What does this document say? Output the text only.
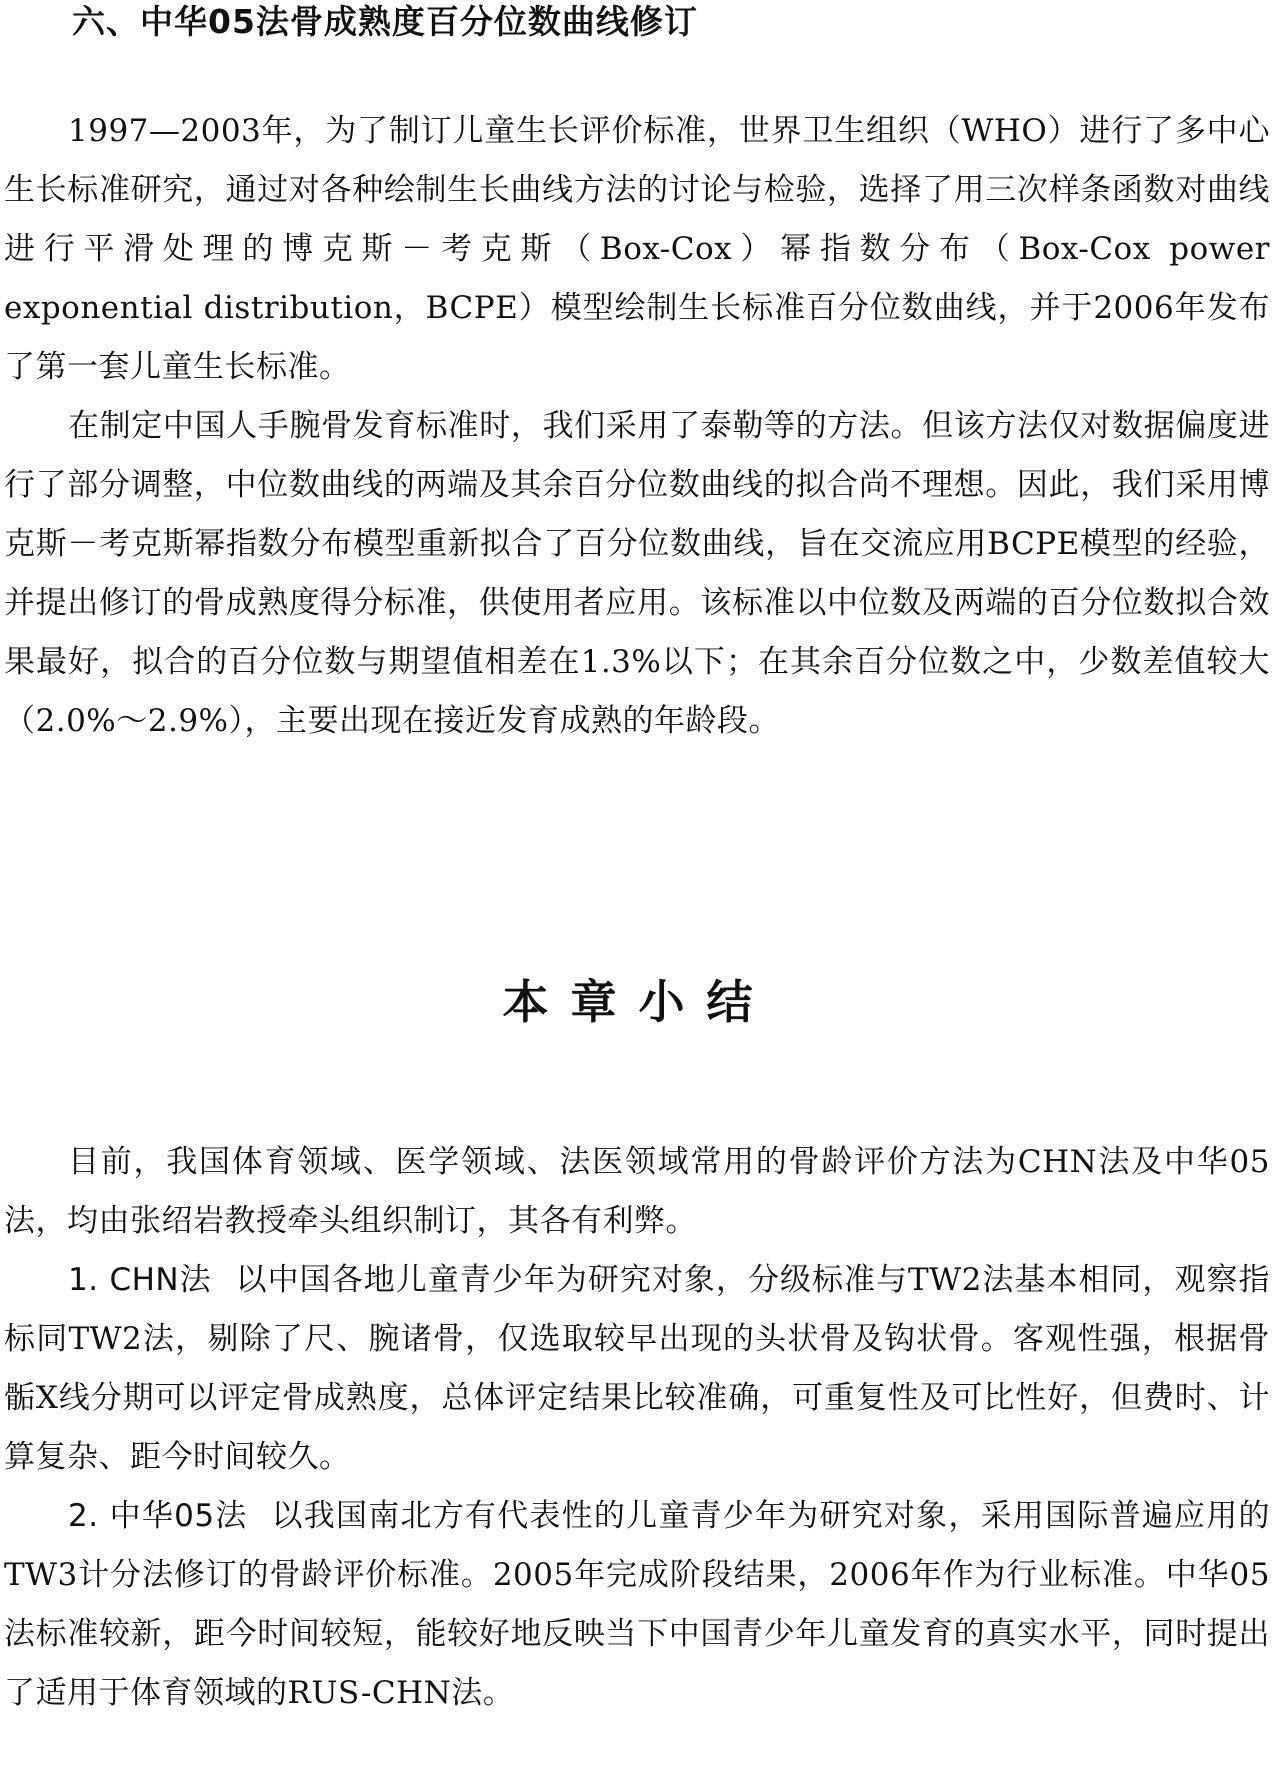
六、中华05法骨成熟度百分位数曲线修订

1997—2003年，为了制订儿童生长评价标准，世界卫生组织（WHO）进行了多中心生长标准研究，通过对各种绘制生长曲线方法的讨论与检验，选择了用三次样条函数对曲线进行平滑处理的博克斯－考克斯（Box-Cox）幂指数分布（Box-Cox power exponential distribution，BCPE）模型绘制生长标准百分位数曲线，并于2006年发布了第一套儿童生长标准。

在制定中国人手腕骨发育标准时，我们采用了泰勒等的方法。但该方法仅对数据偏度进行了部分调整，中位数曲线的两端及其余百分位数曲线的拟合尚不理想。因此，我们采用博克斯－考克斯幂指数分布模型重新拟合了百分位数曲线，旨在交流应用BCPE模型的经验，并提出修订的骨成熟度得分标准，供使用者应用。该标准以中位数及两端的百分位数拟合效果最好，拟合的百分位数与期望值相差在1.3%以下；在其余百分位数之中，少数差值较大（2.0%～2.9%），主要出现在接近发育成熟的年龄段。

本章小结

目前，我国体育领域、医学领域、法医领域常用的骨龄评价方法为CHN法及中华05法，均由张绍岩教授牵头组织制订，其各有利弊。

1. CHN法 以中国各地儿童青少年为研究对象，分级标准与TW2法基本相同，观察指标同TW2法，剔除了尺、腕诸骨，仅选取较早出现的头状骨及钩状骨。客观性强，根据骨骺X线分期可以评定骨成熟度，总体评定结果比较准确，可重复性及可比性好，但费时、计算复杂、距今时间较久。

2. 中华05法 以我国南北方有代表性的儿童青少年为研究对象，采用国际普遍应用的TW3计分法修订的骨龄评价标准。2005年完成阶段结果，2006年作为行业标准。中华05法标准较新，距今时间较短，能较好地反映当下中国青少年儿童发育的真实水平，同时提出了适用于体育领域的RUS-CHN法。
